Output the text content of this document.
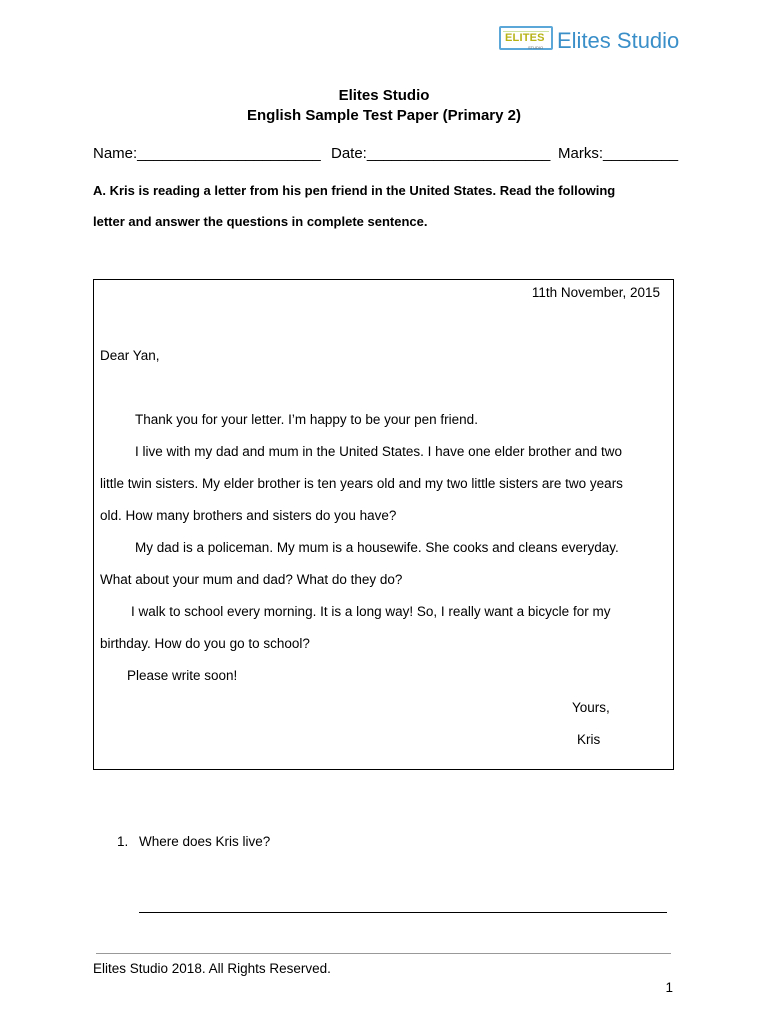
ELITES
STUDIO Elites Studio
Elites Studio
English Sample Test Paper (Primary 2)
Name:______________________ Date:______________________ Marks:_________
A. Kris is reading a letter from his pen friend in the United States. Read the following
letter and answer the questions in complete sentence.
11th November, 2015
Dear Yan,
Thank you for your letter. I’m happy to be your pen friend.
I live with my dad and mum in the United States. I have one elder brother and two
little twin sisters. My elder brother is ten years old and my two little sisters are two years
old. How many brothers and sisters do you have?
My dad is a policeman. My mum is a housewife. She cooks and cleans everyday.
What about your mum and dad? What do they do?
I walk to school every morning. It is a long way! So, I really want a bicycle for my
birthday. How do you go to school?
Please write soon!
Yours,
Kris
1. Where does Kris live?
Elites Studio 2018. All Rights Reserved.
1
